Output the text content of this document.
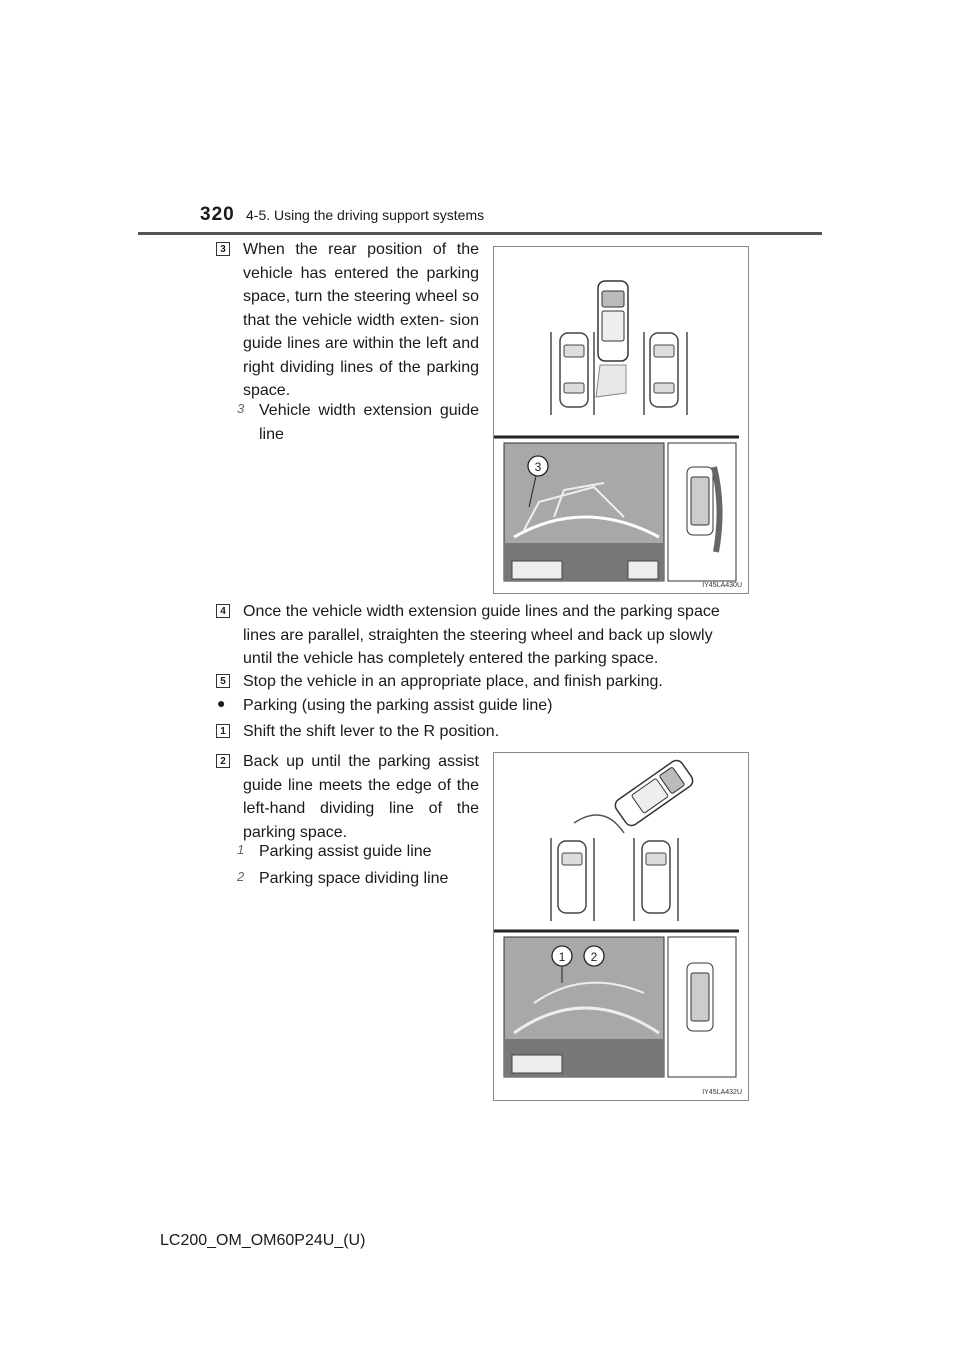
320 4-5. Using the driving support systems
3 When the rear position of the vehicle has entered the parking space, turn the steering wheel so that the vehicle width exten- sion guide lines are within the left and right dividing lines of the parking space.
3 Vehicle width extension guide line
3
IY45LA430U
4 Once the vehicle width extension guide lines and the parking space lines are parallel, straighten the steering wheel and back up slowly until the vehicle has completely entered the parking space.
5 Stop the vehicle in an appropriate place, and finish parking.
● Parking (using the parking assist guide line)
1 Shift the shift lever to the R position.
2 Back up until the parking assist guide line meets the edge of the left-hand dividing line of the parking space.
1 Parking assist guide line
2 Parking space dividing line
1 2
IY45LA432U
LC200_OM_OM60P24U_(U)
